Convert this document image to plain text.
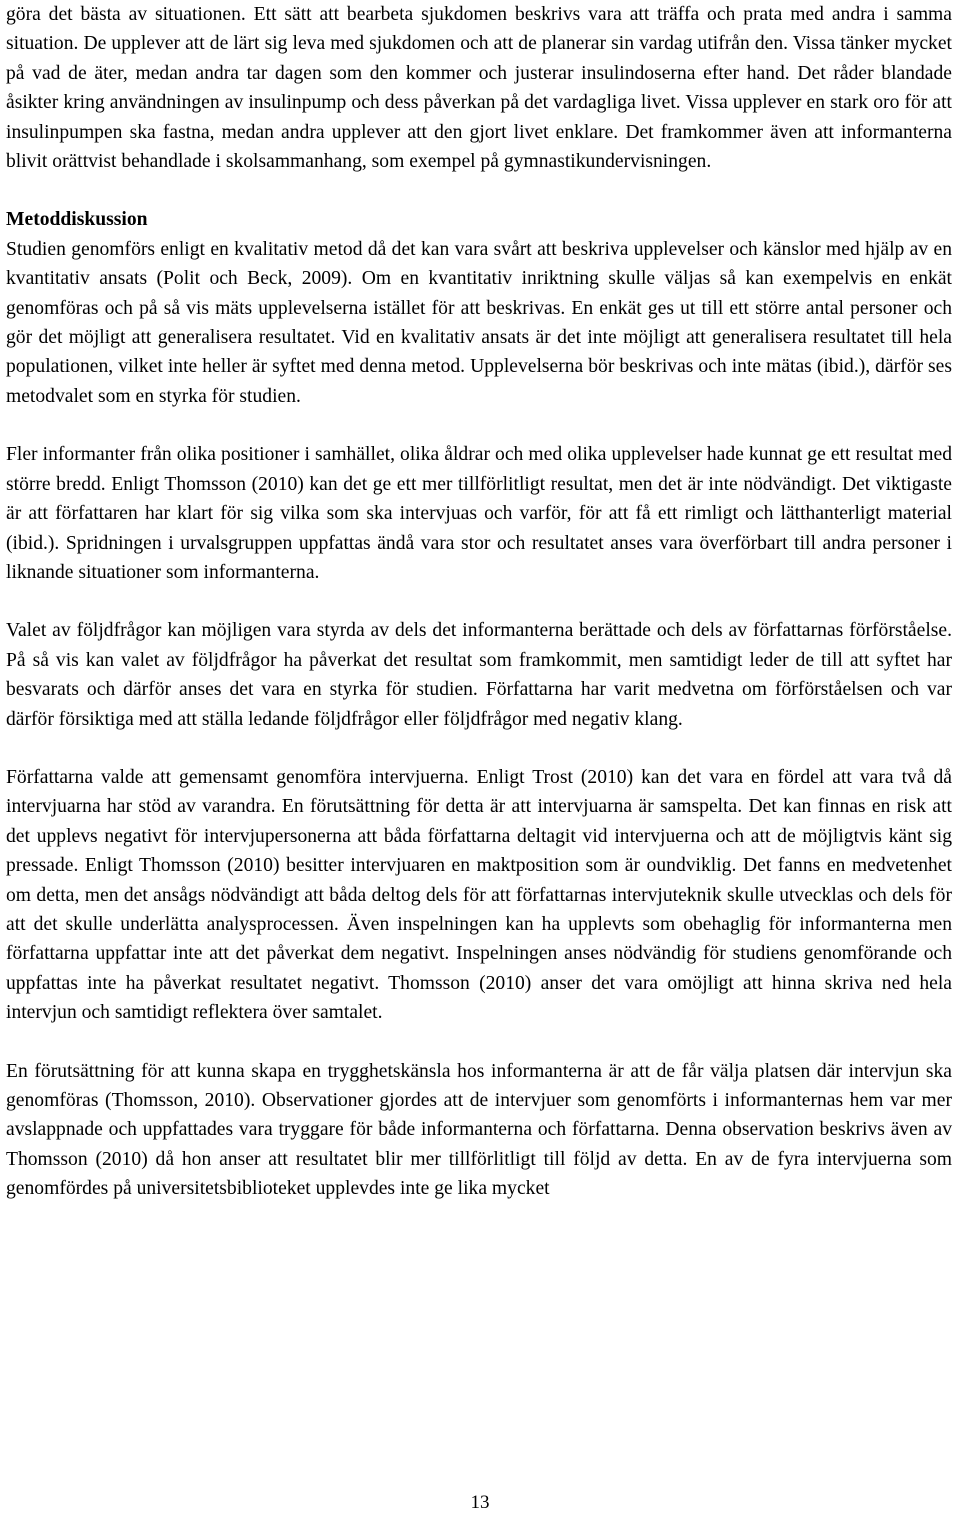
göra det bästa av situationen. Ett sätt att bearbeta sjukdomen beskrivs vara att träffa och prata med andra i samma situation. De upplever att de lärt sig leva med sjukdomen och att de planerar sin vardag utifrån den. Vissa tänker mycket på vad de äter, medan andra tar dagen som den kommer och justerar insulindoserna efter hand. Det råder blandade åsikter kring användningen av insulinpump och dess påverkan på det vardagliga livet. Vissa upplever en stark oro för att insulinpumpen ska fastna, medan andra upplever att den gjort livet enklare. Det framkommer även att informanterna blivit orättvist behandlade i skolsammanhang, som exempel på gymnastikundervisningen.

Metoddiskussion

Studien genomförs enligt en kvalitativ metod då det kan vara svårt att beskriva upplevelser och känslor med hjälp av en kvantitativ ansats (Polit och Beck, 2009). Om en kvantitativ inriktning skulle väljas så kan exempelvis en enkät genomföras och på så vis mäts upplevelserna istället för att beskrivas. En enkät ges ut till ett större antal personer och gör det möjligt att generalisera resultatet. Vid en kvalitativ ansats är det inte möjligt att generalisera resultatet till hela populationen, vilket inte heller är syftet med denna metod. Upplevelserna bör beskrivas och inte mätas (ibid.), därför ses metodvalet som en styrka för studien.

Fler informanter från olika positioner i samhället, olika åldrar och med olika upplevelser hade kunnat ge ett resultat med större bredd. Enligt Thomsson (2010) kan det ge ett mer tillförlitligt resultat, men det är inte nödvändigt. Det viktigaste är att författaren har klart för sig vilka som ska intervjuas och varför, för att få ett rimligt och lätthanterligt material (ibid.). Spridningen i urvalsgruppen uppfattas ändå vara stor och resultatet anses vara överförbart till andra personer i liknande situationer som informanterna.

Valet av följdfrågor kan möjligen vara styrda av dels det informanterna berättade och dels av författarnas förförståelse. På så vis kan valet av följdfrågor ha påverkat det resultat som framkommit, men samtidigt leder de till att syftet har besvarats och därför anses det vara en styrka för studien. Författarna har varit medvetna om förförståelsen och var därför försiktiga med att ställa ledande följdfrågor eller följdfrågor med negativ klang.

Författarna valde att gemensamt genomföra intervjuerna. Enligt Trost (2010) kan det vara en fördel att vara två då intervjuarna har stöd av varandra. En förutsättning för detta är att intervjuarna är samspelta. Det kan finnas en risk att det upplevs negativt för intervjupersonerna att båda författarna deltagit vid intervjuerna och att de möjligtvis känt sig pressade. Enligt Thomsson (2010) besitter intervjuaren en maktposition som är oundviklig. Det fanns en medvetenhet om detta, men det ansågs nödvändigt att båda deltog dels för att författarnas intervjuteknik skulle utvecklas och dels för att det skulle underlätta analysprocessen. Även inspelningen kan ha upplevts som obehaglig för informanterna men författarna uppfattar inte att det påverkat dem negativt. Inspelningen anses nödvändig för studiens genomförande och uppfattas inte ha påverkat resultatet negativt. Thomsson (2010) anser det vara omöjligt att hinna skriva ned hela intervjun och samtidigt reflektera över samtalet.

En förutsättning för att kunna skapa en trygghetskänsla hos informanterna är att de får välja platsen där intervjun ska genomföras (Thomsson, 2010). Observationer gjordes att de intervjuer som genomförts i informanternas hem var mer avslappnade och uppfattades vara tryggare för både informanterna och författarna. Denna observation beskrivs även av Thomsson (2010) då hon anser att resultatet blir mer tillförlitligt till följd av detta. En av de fyra intervjuerna som genomfördes på universitetsbiblioteket upplevdes inte ge lika mycket

13
